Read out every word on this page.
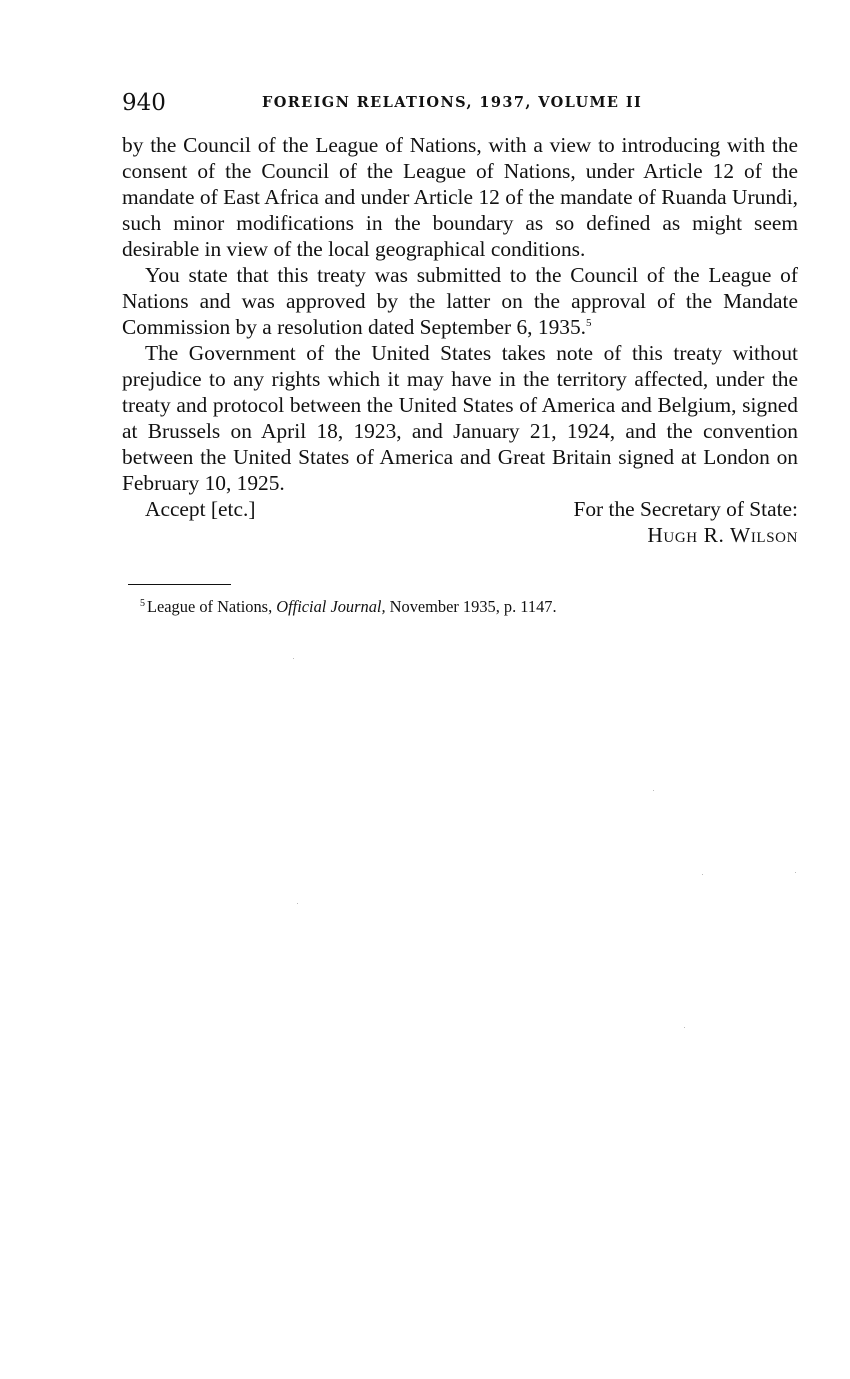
940	FOREIGN RELATIONS, 1937, VOLUME II

by the Council of the League of Nations, with a view to introducing with the consent of the Council of the League of Nations, under Article 12 of the mandate of East Africa and under Article 12 of the mandate of Ruanda Urundi, such minor modifications in the boundary as so defined as might seem desirable in view of the local geographical conditions.

You state that this treaty was submitted to the Council of the League of Nations and was approved by the latter on the approval of the Mandate Commission by a resolution dated September 6, 1935.$^5$

The Government of the United States takes note of this treaty without prejudice to any rights which it may have in the territory affected, under the treaty and protocol between the United States of America and Belgium, signed at Brussels on April 18, 1923, and January 21, 1924, and the convention between the United States of America and Great Britain signed at London on February 10, 1925.

Accept [etc.]	For the Secretary of State:
Hugh R. Wilson
$^5$ League of Nations, Official Journal, November 1935, p. 1147.
